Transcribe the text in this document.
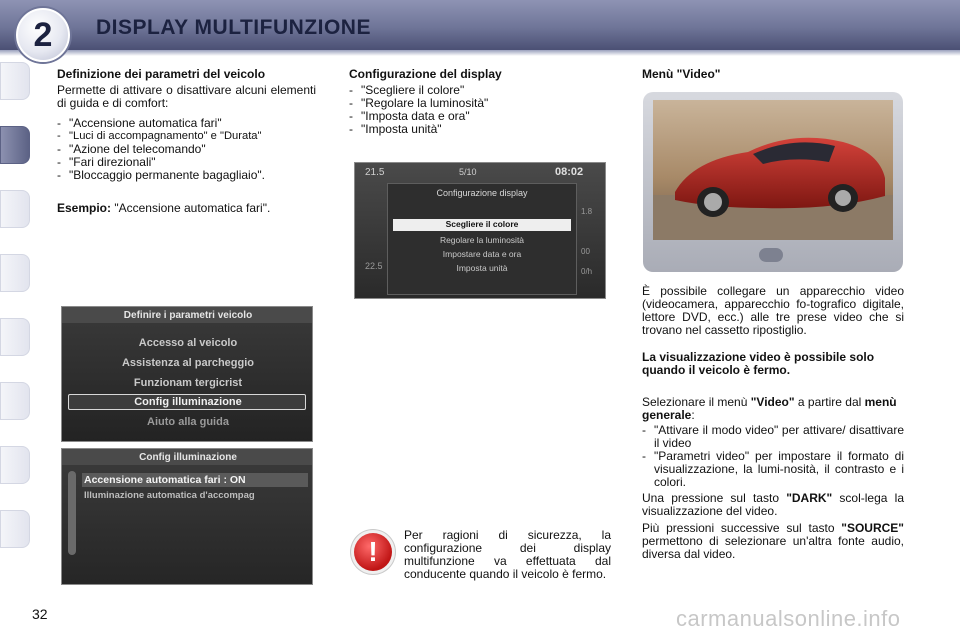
2	DISPLAY MULTIFUNZIONE
Definizione dei parametri del veicolo
Permette di attivare o disattivare alcuni elementi di guida e di comfort:
- "Accensione automatica fari"
- "Luci di accompagnamento" e "Durata"
- "Azione del telecomando"
- "Fari direzionali"
- "Bloccaggio permanente bagagliaio".
Esempio: "Accensione automatica fari".
Definire i parametri veicolo
Accesso al veicolo
Assistenza al parcheggio
Funzionam tergicrist
Config illuminazione
Aiuto alla guida
Config illuminazione
Accensione automatica fari : ON
Illuminazione automatica d'accompag
Configurazione del display
- "Scegliere il colore"
- "Regolare la luminosità"
- "Imposta data e ora"
- "Imposta unità"
21.5	5/10	08:02
Configurazione display
Scegliere il colore
Regolare la luminosità
Impostare data e ora
Imposta unità
22.5
1.8
00
0/h
!
Per ragioni di sicurezza, la configurazione dei display multifunzione va effettuata dal conducente quando il veicolo è fermo.
Menù "Video"
È possibile collegare un apparecchio video (videocamera, apparecchio fo-tografico digitale, lettore DVD, ecc.) alle tre prese video che si trovano nel cassetto ripostiglio.
La visualizzazione video è possibile solo quando il veicolo è fermo.
Selezionare il menù "Video" a partire dal menù generale:
- "Attivare il modo video" per attivare/ disattivare il video
- "Parametri video" per impostare il formato di visualizzazione, la lumi-nosità, il contrasto e i colori.
Una pressione sul tasto "DARK" scol-lega la visualizzazione del video.
Più pressioni successive sul tasto "SOURCE" permettono di selezionare un'altra fonte audio, diversa dal video.
32	carmanualsonline.info
